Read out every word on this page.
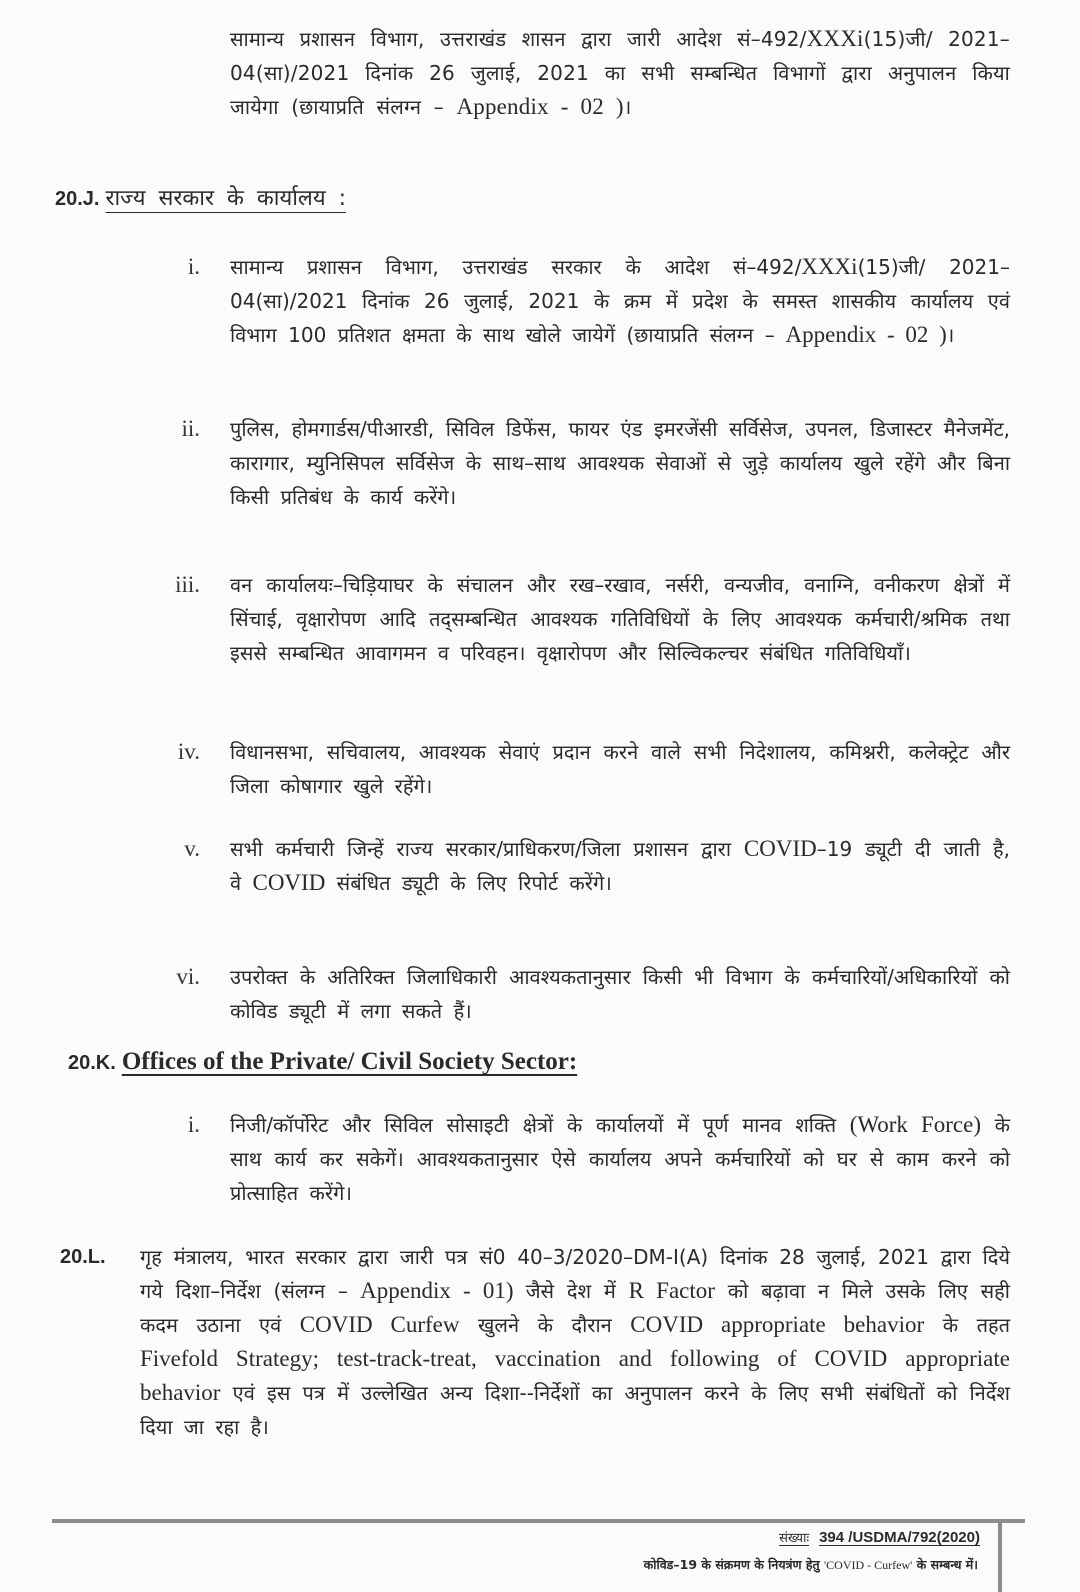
सामान्य प्रशासन विभाग, उत्तराखंड शासन द्वारा जारी आदेश सं–492/XXXi(15)जी/ 2021–04(सा)/2021 दिनांक 26 जुलाई, 2021 का सभी सम्बन्धित विभागों द्वारा अनुपालन किया जायेगा (छायाप्रति संलग्न – Appendix - 02 )।
20.J. राज्य सरकार के कार्यालय :
i.	सामान्य प्रशासन विभाग, उत्तराखंड सरकार के आदेश सं–492/XXXi(15)जी/ 2021–04(सा)/2021 दिनांक 26 जुलाई, 2021 के क्रम में प्रदेश के समस्त शासकीय कार्यालय एवं विभाग 100 प्रतिशत क्षमता के साथ खोले जायेगें (छायाप्रति संलग्न – Appendix - 02 )।
ii.	पुलिस, होमगार्डस/पीआरडी, सिविल डिफेंस, फायर एंड इमरजेंसी सर्विसेज, उपनल, डिजास्टर मैनेजमेंट, कारागार, म्युनिसिपल सर्विसेज के साथ–साथ आवश्यक सेवाओं से जुड़े कार्यालय खुले रहेंगे और बिना किसी प्रतिबंध के कार्य करेंगे।
iii.	वन कार्यालयः–चिड़ियाघर के संचालन और रख–रखाव, नर्सरी, वन्यजीव, वनाग्नि, वनीकरण क्षेत्रों में सिंचाई, वृक्षारोपण आदि तद्सम्बन्धित आवश्यक गतिविधियों के लिए आवश्यक कर्मचारी/श्रमिक तथा इससे सम्बन्धित आवागमन व परिवहन। वृक्षारोपण और सिल्विकल्चर संबंधित गतिविधियाँ।
iv.	विधानसभा, सचिवालय, आवश्यक सेवाएं प्रदान करने वाले सभी निदेशालय, कमिश्नरी, कलेक्ट्रेट और जिला कोषागार खुले रहेंगे।
v.	सभी कर्मचारी जिन्हें राज्य सरकार/प्राधिकरण/जिला प्रशासन द्वारा COVID–19 ड्यूटी दी जाती है, वे COVID संबंधित ड्यूटी के लिए रिपोर्ट करेंगे।
vi.	उपरोक्त के अतिरिक्त जिलाधिकारी आवश्यकतानुसार किसी भी विभाग के कर्मचारियों/अधिकारियों को कोविड ड्यूटी में लगा सकते हैं।
20.K. Offices of the Private/ Civil Society Sector:
i.	निजी/कॉर्पोरेट और सिविल सोसाइटी क्षेत्रों के कार्यालयों में पूर्ण मानव शक्ति (Work Force) के साथ कार्य कर सकेगें। आवश्यकतानुसार ऐसे कार्यालय अपने कर्मचारियों को घर से काम करने को प्रोत्साहित करेंगे।
20.L.	गृह मंत्रालय, भारत सरकार द्वारा जारी पत्र सं0 40–3/2020–DM-I(A) दिनांक 28 जुलाई, 2021 द्वारा दिये गये दिशा–निर्देश (संलग्न – Appendix - 01) जैसे देश में R Factor को बढ़ावा न मिले उसके लिए सही कदम उठाना एवं COVID Curfew खुलने के दौरान COVID appropriate behavior के तहत Fivefold Strategy; test-track-treat, vaccination and following of COVID appropriate behavior एवं इस पत्र में उल्लेखित अन्य दिशा--निर्देशों का अनुपालन करने के लिए सभी संबंधितों को निर्देश दिया जा रहा है।
संख्याः 394 /USDMA/792(2020)
कोविड–19 के संक्रमण के नियत्रंण हेतु 'COVID - Curfew' के सम्बन्ध में।
